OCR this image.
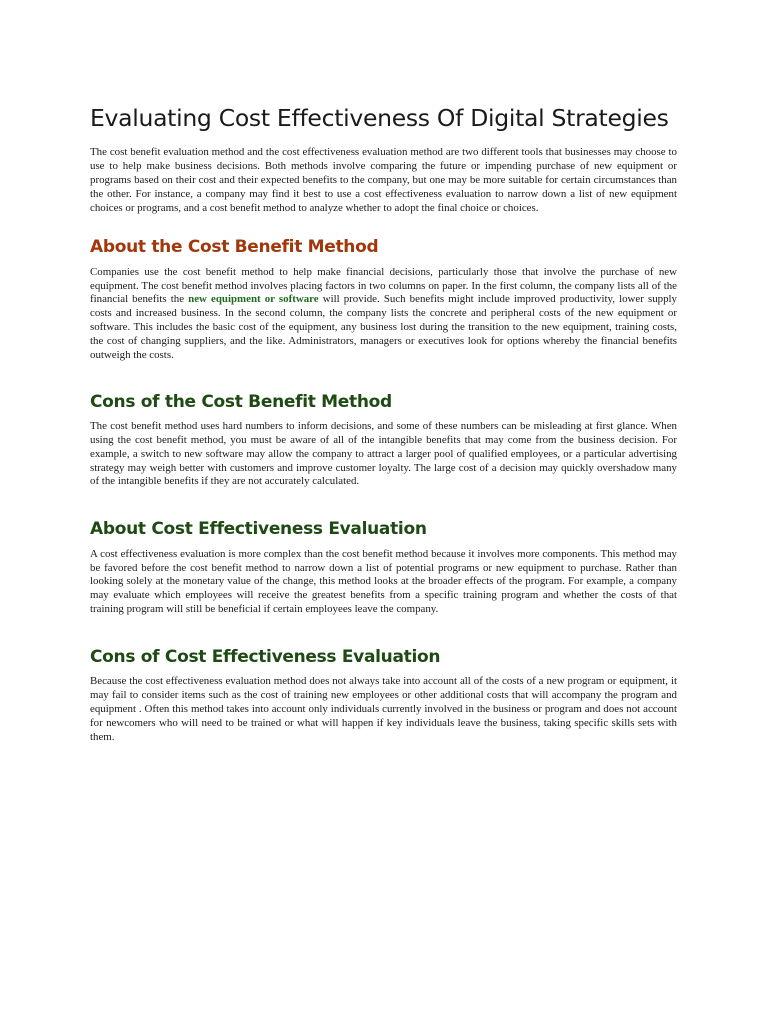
Evaluating Cost Effectiveness Of Digital Strategies

The cost benefit evaluation method and the cost effectiveness evaluation method are two different tools that businesses may choose to use to help make business decisions. Both methods involve comparing the future or impending purchase of new equipment or programs based on their cost and their expected benefits to the company, but one may be more suitable for certain circumstances than the other. For instance, a company may find it best to use a cost effectiveness evaluation to narrow down a list of new equipment choices or programs, and a cost benefit method to analyze whether to adopt the final choice or choices.

About the Cost Benefit Method

Companies use the cost benefit method to help make financial decisions, particularly those that involve the purchase of new equipment. The cost benefit method involves placing factors in two columns on paper. In the first column, the company lists all of the financial benefits the new equipment or software will provide. Such benefits might include improved productivity, lower supply costs and increased business. In the second column, the company lists the concrete and peripheral costs of the new equipment or software. This includes the basic cost of the equipment, any business lost during the transition to the new equipment, training costs, the cost of changing suppliers, and the like. Administrators, managers or executives look for options whereby the financial benefits outweigh the costs.

Cons of the Cost Benefit Method

The cost benefit method uses hard numbers to inform decisions, and some of these numbers can be misleading at first glance. When using the cost benefit method, you must be aware of all of the intangible benefits that may come from the business decision. For example, a switch to new software may allow the company to attract a larger pool of qualified employees, or a particular advertising strategy may weigh better with customers and improve customer loyalty. The large cost of a decision may quickly overshadow many of the intangible benefits if they are not accurately calculated.

About Cost Effectiveness Evaluation

A cost effectiveness evaluation is more complex than the cost benefit method because it involves more components. This method may be favored before the cost benefit method to narrow down a list of potential programs or new equipment to purchase. Rather than looking solely at the monetary value of the change, this method looks at the broader effects of the program. For example, a company may evaluate which employees will receive the greatest benefits from a specific training program and whether the costs of that training program will still be beneficial if certain employees leave the company.

Cons of Cost Effectiveness Evaluation

Because the cost effectiveness evaluation method does not always take into account all of the costs of a new program or equipment, it may fail to consider items such as the cost of training new employees or other additional costs that will accompany the program and equipment . Often this method takes into account only individuals currently involved in the business or program and does not account for newcomers who will need to be trained or what will happen if key individuals leave the business, taking specific skills sets with them.
